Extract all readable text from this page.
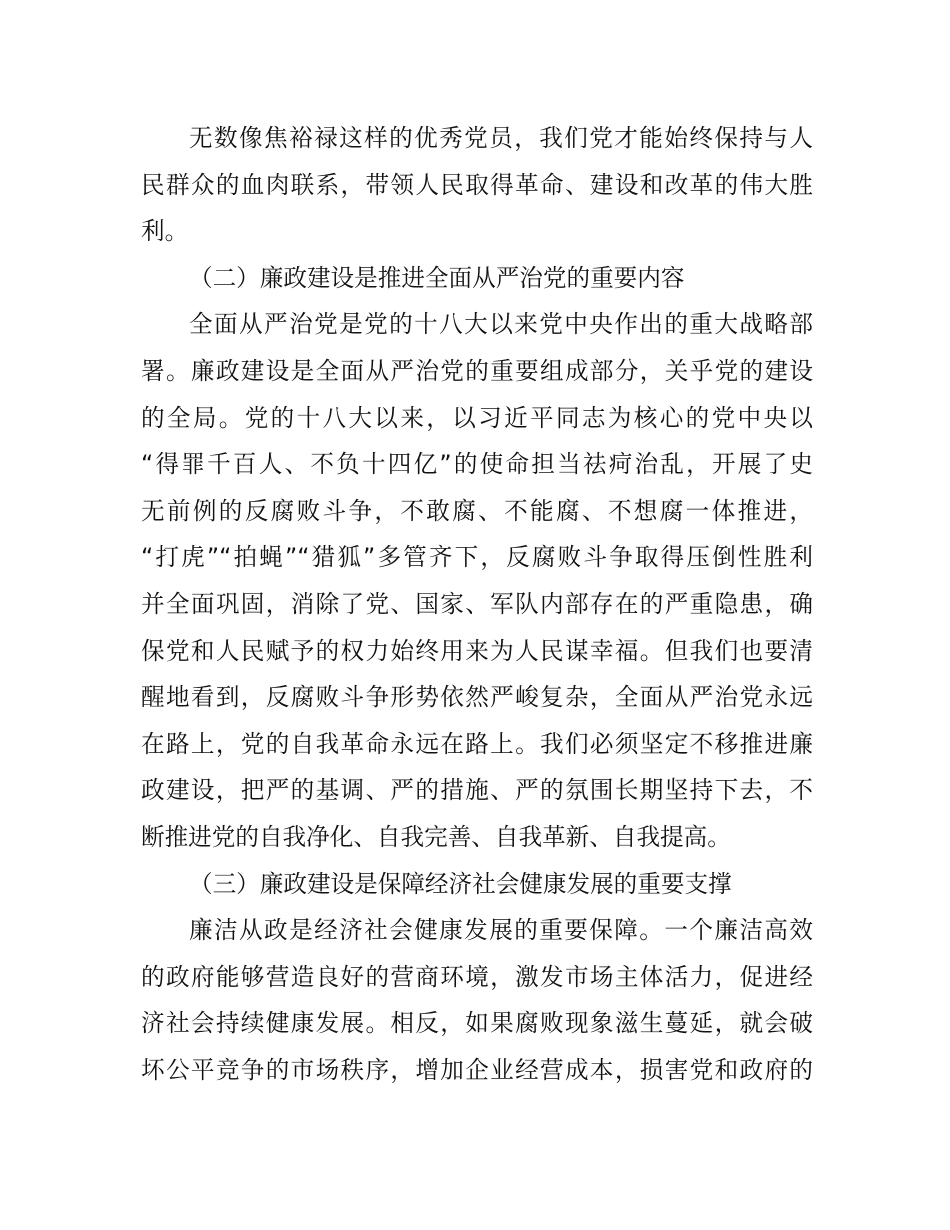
无数像焦裕禄这样的优秀党员，我们党才能始终保持与人
民群众的血肉联系，带领人民取得革命、建设和改革的伟大胜
利。
（二）廉政建设是推进全面从严治党的重要内容
全面从严治党是党的十八大以来党中央作出的重大战略部
署。廉政建设是全面从严治党的重要组成部分，关乎党的建设
的全局。党的十八大以来，以习近平同志为核心的党中央以
“得罪千百人、不负十四亿”的使命担当祛疴治乱，开展了史
无前例的反腐败斗争，不敢腐、不能腐、不想腐一体推进，
“打虎”“拍蝇”“猎狐”多管齐下，反腐败斗争取得压倒性胜利
并全面巩固，消除了党、国家、军队内部存在的严重隐患，确
保党和人民赋予的权力始终用来为人民谋幸福。但我们也要清
醒地看到，反腐败斗争形势依然严峻复杂，全面从严治党永远
在路上，党的自我革命永远在路上。我们必须坚定不移推进廉
政建设，把严的基调、严的措施、严的氛围长期坚持下去，不
断推进党的自我净化、自我完善、自我革新、自我提高。
（三）廉政建设是保障经济社会健康发展的重要支撑
廉洁从政是经济社会健康发展的重要保障。一个廉洁高效
的政府能够营造良好的营商环境，激发市场主体活力，促进经
济社会持续健康发展。相反，如果腐败现象滋生蔓延，就会破
坏公平竞争的市场秩序，增加企业经营成本，损害党和政府的
